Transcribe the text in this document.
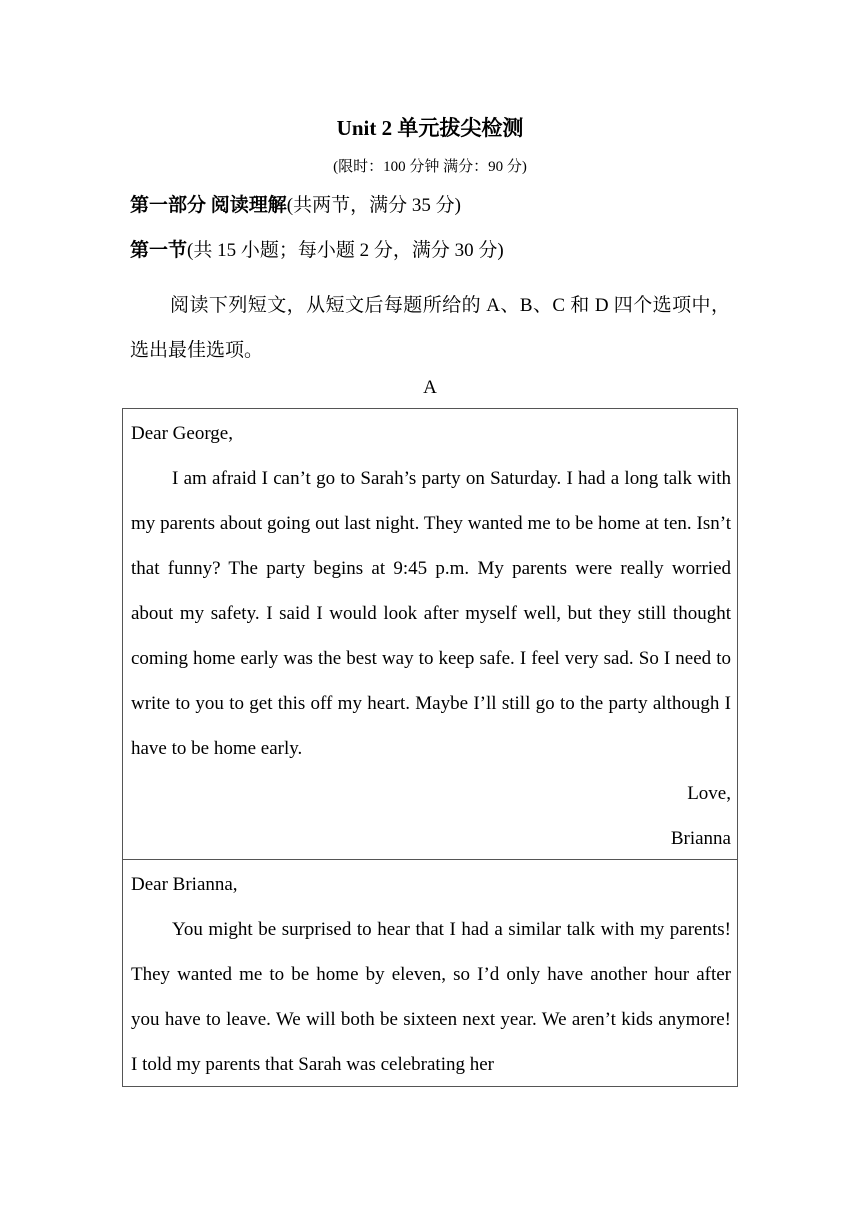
Unit 2 单元拔尖检测
(限时：100 分钟 满分：90 分)
第一部分 阅读理解(共两节，满分 35 分)
第一节(共 15 小题；每小题 2 分，满分 30 分)
阅读下列短文，从短文后每题所给的 A、B、C 和 D 四个选项中，选出最佳选项。
A

Dear George,

I am afraid I can’t go to Sarah’s party on Saturday. I had a long talk with my parents about going out last night. They wanted me to be home at ten. Isn’t that funny? The party begins at 9:45 p.m. My parents were really worried about my safety. I said I would look after myself well, but they still thought coming home early was the best way to keep safe. I feel very sad. So I need to write to you to get this off my heart. Maybe I’ll still go to the party although I have to be home early.

Love,

Brianna

Dear Brianna,

You might be surprised to hear that I had a similar talk with my parents! They wanted me to be home by eleven, so I’d only have another hour after you have to leave. We will both be sixteen next year. We aren’t kids anymore! I told my parents that Sarah was celebrating her
